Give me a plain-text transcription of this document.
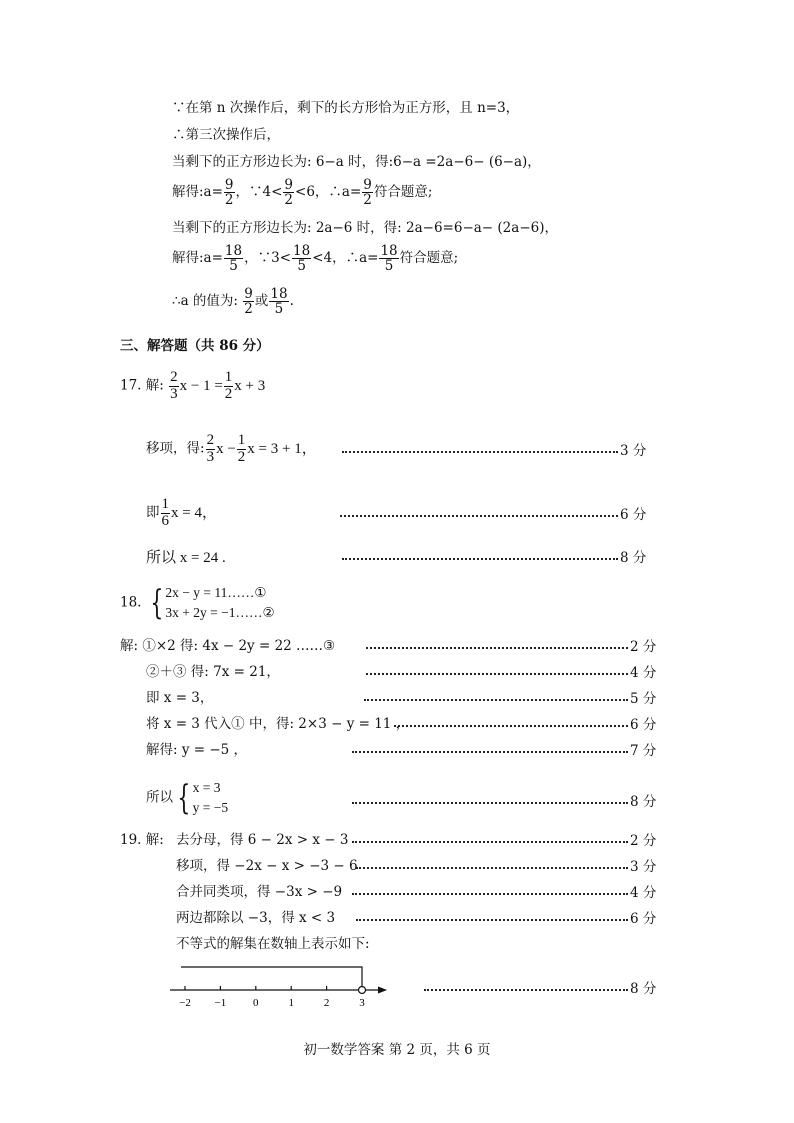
∵在第 n 次操作后，剩下的长方形恰为正方形，且 n=3，
∴第三次操作后，
当剩下的正方形边长为: 6−a 时，得:6−a =2a−6− (6−a)，
解得:a= $\frac{9}{2}$ ，∵4< $\frac{9}{2} <6$，∴a= $\frac{9}{2}$ 符合题意;
当剩下的正方形边长为: 2a−6 时，得: 2a−6=6−a− (2a−6)，
解得:a= $\frac{18}{5}$ ，∵3< $\frac{18}{5} <4$，∴a= $\frac{18}{5}$ 符合题意;
∴a 的值为: $\frac{9}{2}$ 或 $\frac{18}{5}$ .
三、解答题（共 86 分）
17. 解: $\frac{2}{3}$ $x - 1 = \frac{1}{2}$ x + 3
移项，得: $\frac{2}{3}$ $x - \frac{1}{2}$ x = 3 + 1，	3 分
即 $\frac{1}{6}$ x = 4，	6 分
所以 x = 24 .	8 分
18. { 2x − y = 11……①
3x + 2y = −1……②
解: ①×2 得: 4x − 2y = 22 ……③	2 分
②＋③ 得: 7x = 21，	4 分
即 x = 3，	5 分
将 x = 3 代入① 中，得: 2×3 − y = 11 ，	6 分
解得: y = −5 ，	7 分
所以 { x = 3
y = −5	8 分
19. 解: 去分母，得 6 − 2x > x − 3	2 分
移项，得 −2x − x > −3 − 6	3 分
合并同类项，得 −3x > −9	4 分
两边都除以 −3，得 x < 3	6 分
不等式的解集在数轴上表示如下:
−2 −1 0	1	2	3
8 分
初一数学答案 第 2 页，共 6 页
